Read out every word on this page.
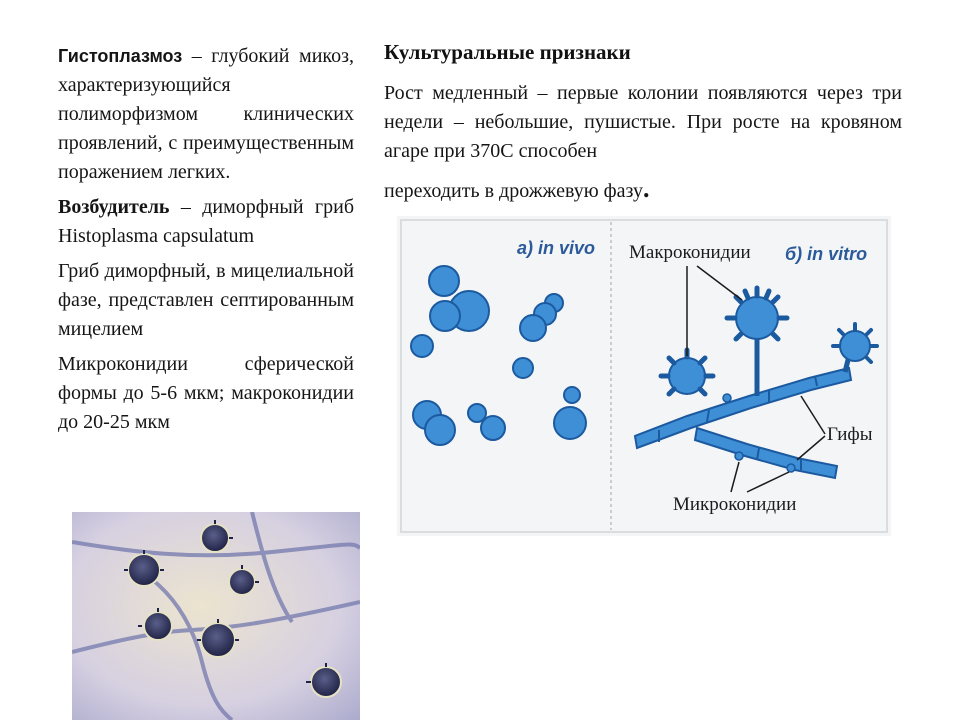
Гистоплазмоз – глубокий микоз, характеризующийся полиморфизмом клинических проявлений, с преимущественным поражением легких.

Возбудитель – диморфный гриб Histoplasma capsulatum

Гриб диморфный, в мицелиальной фазе, представлен септированным мицелием

Микроконидии сферической формы до 5-6 мкм; макроконидии до 20-25 мкм

Культуральные признаки

Рост медленный – первые колонии появляются через три недели – небольшие, пушистые. При росте на кровяном агаре при 370С способен
переходить в дрожжевую фазу.

а) in vivo	б) in vitro
Макроконидии
Гифы
Микроконидии
